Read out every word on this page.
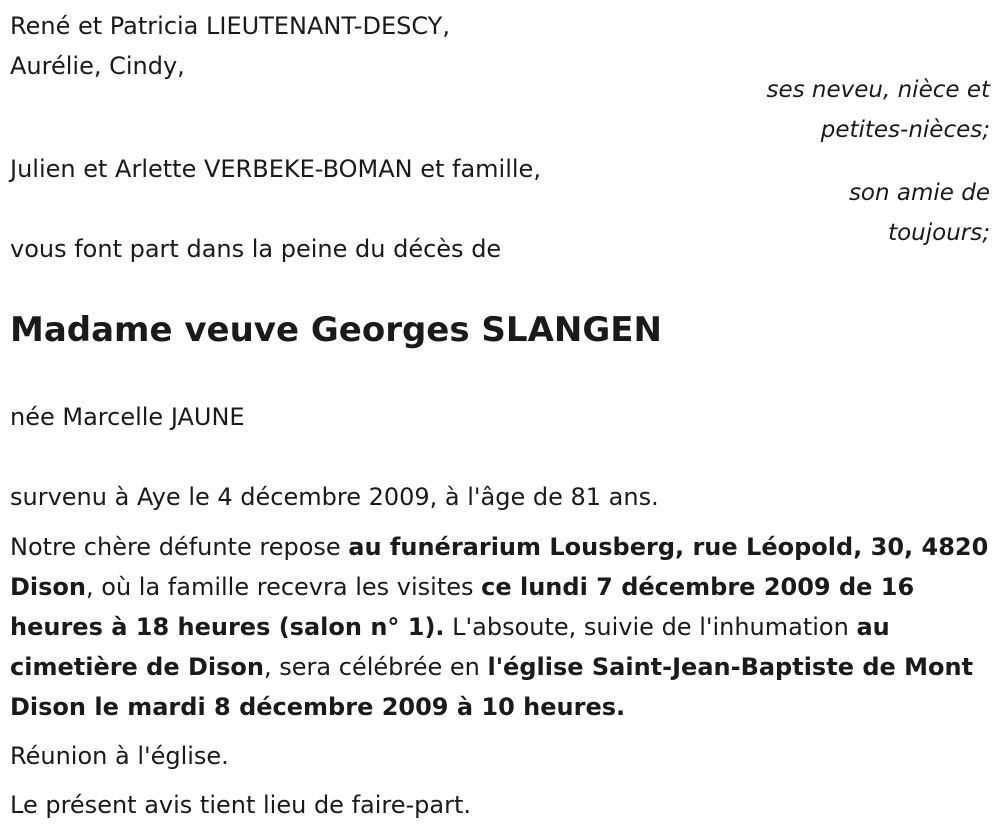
René et Patricia LIEUTENANT-DESCY,
Aurélie, Cindy,
ses neveu, nièce et
petites-nièces;
Julien et Arlette VERBEKE-BOMAN et famille,
son amie de
toujours;
vous font part dans la peine du décès de
Madame veuve Georges SLANGEN
née Marcelle JAUNE
survenu à Aye le 4 décembre 2009, à l'âge de 81 ans.
Notre chère défunte repose au funérarium Lousberg, rue Léopold, 30, 4820 Dison, où la famille recevra les visites ce lundi 7 décembre 2009 de 16 heures à 18 heures (salon n° 1). L'absoute, suivie de l'inhumation au cimetière de Dison, sera célébrée en l'église Saint-Jean-Baptiste de Mont Dison le mardi 8 décembre 2009 à 10 heures.
Réunion à l'église.
Le présent avis tient lieu de faire-part.
